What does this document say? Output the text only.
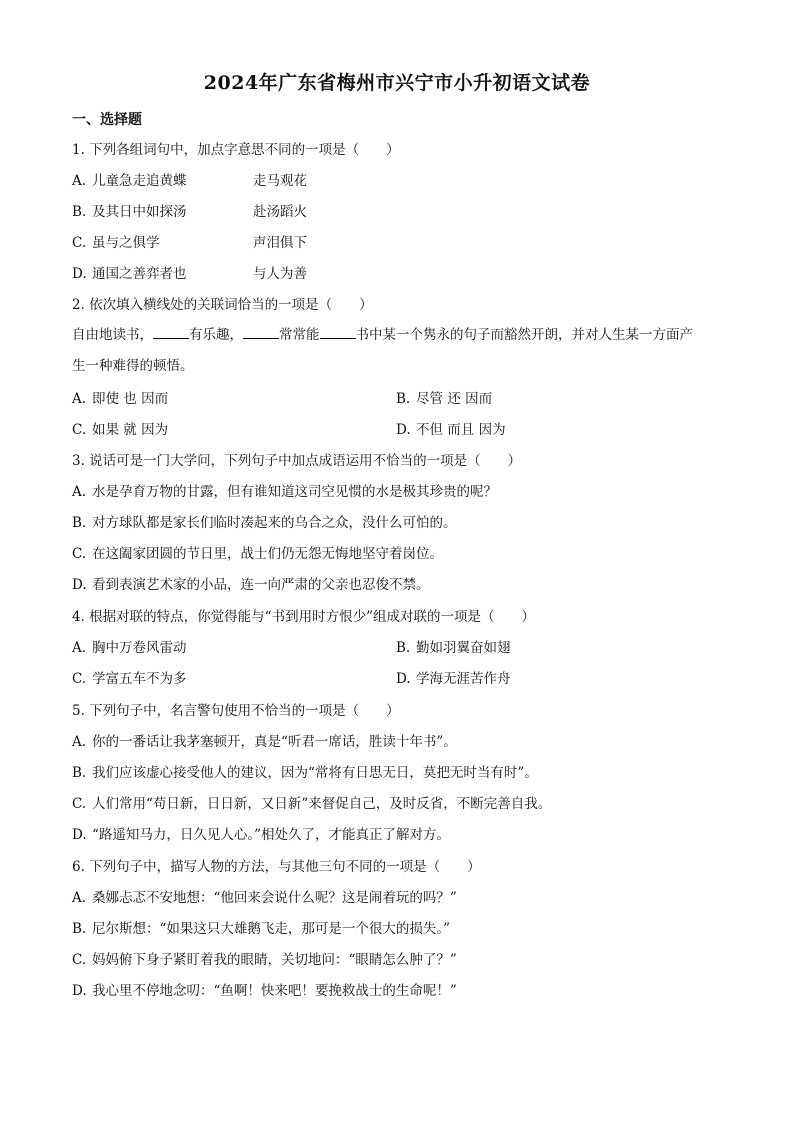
2024年广东省梅州市兴宁市小升初语文试卷
一、选择题
1. 下列各组词句中，加点字意思不同的一项是（　　）
A. 儿童急走追黄蝶	走马观花
B. 及其日中如探汤	赴汤蹈火
C. 虽与之俱学	声泪俱下
D. 通国之善弈者也	与人为善
2. 依次填入横线处的关联词恰当的一项是（　　）
自由地读书，	有乐趣，	常常能	书中某一个隽永的句子而豁然开朗，并对人生某一方面产
生一种难得的顿悟。
A. 即使 也 因而	B. 尽管 还 因而
C. 如果 就 因为	D. 不但 而且 因为
3. 说话可是一门大学问，下列句子中加点成语运用不恰当的一项是（　　）
A. 水是孕育万物的甘露，但有谁知道这司空见惯的水是极其珍贵的呢？
B. 对方球队都是家长们临时凑起来的乌合之众，没什么可怕的。
C. 在这阖家团圆的节日里，战士们仍无怨无悔地坚守着岗位。
D. 看到表演艺术家的小品，连一向严肃的父亲也忍俊不禁。
4. 根据对联的特点，你觉得能与“书到用时方恨少”组成对联的一项是（　　）
A. 胸中万卷风雷动	B. 勤如羽翼奋如翅
C. 学富五车不为多	D. 学海无涯苦作舟
5. 下列句子中，名言警句使用不恰当的一项是（　　）
A. 你的一番话让我茅塞顿开，真是“听君一席话，胜读十年书”。
B. 我们应该虚心接受他人的建议，因为“常将有日思无日，莫把无时当有时”。
C. 人们常用“苟日新，日日新，又日新”来督促自己，及时反省，不断完善自我。
D. “路遥知马力，日久见人心。”相处久了，才能真正了解对方。
6. 下列句子中，描写人物的方法，与其他三句不同的一项是（　　）
A. 桑娜忐忑不安地想：“他回来会说什么呢？这是闹着玩的吗？”
B. 尼尔斯想：“如果这只大雄鹅飞走，那可是一个很大的损失。”
C. 妈妈俯下身子紧盯着我的眼睛，关切地问：“眼睛怎么肿了？”
D. 我心里不停地念叨：“鱼啊！快来吧！要挽救战士的生命呢！”
